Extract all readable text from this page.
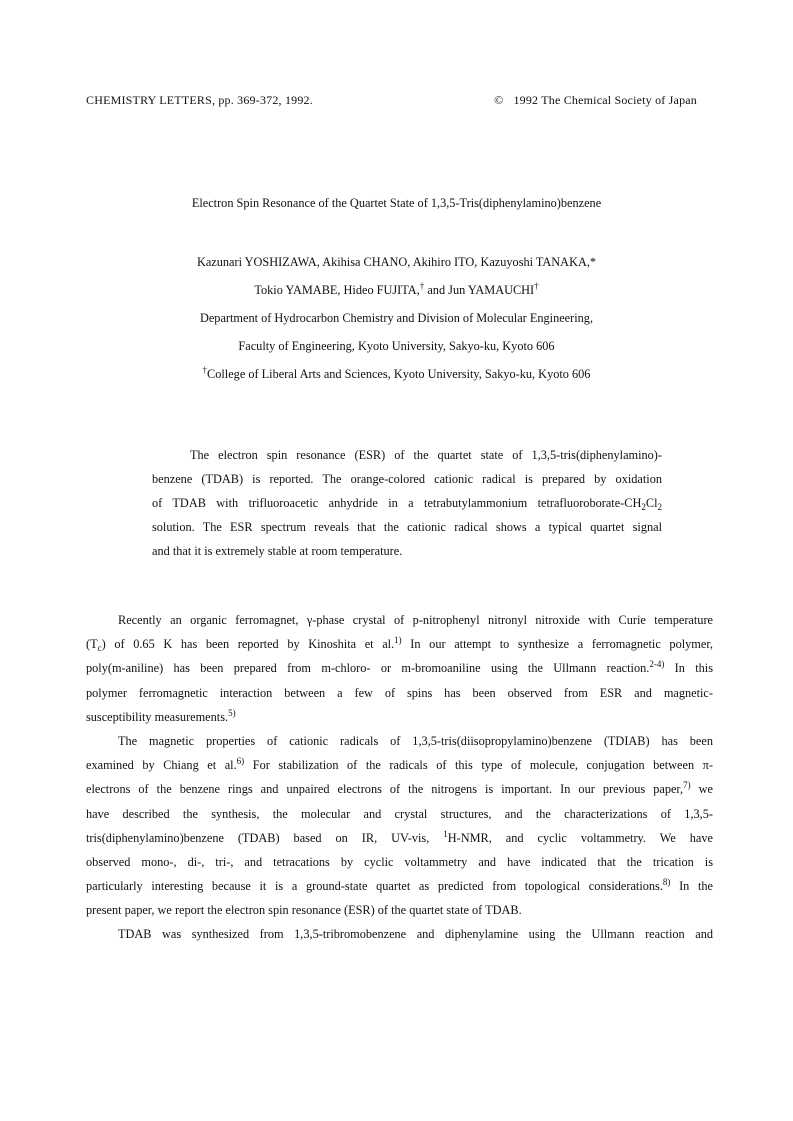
CHEMISTRY LETTERS, pp. 369-372, 1992.	© 1992 The Chemical Society of Japan
Electron Spin Resonance of the Quartet State of 1,3,5-Tris(diphenylamino)benzene
Kazunari YOSHIZAWA, Akihisa CHANO, Akihiro ITO, Kazuyoshi TANAKA,*
Tokio YAMABE, Hideo FUJITA,† and Jun YAMAUCHI†
Department of Hydrocarbon Chemistry and Division of Molecular Engineering,
Faculty of Engineering, Kyoto University, Sakyo-ku, Kyoto 606
†College of Liberal Arts and Sciences, Kyoto University, Sakyo-ku, Kyoto 606
The electron spin resonance (ESR) of the quartet state of 1,3,5-tris(diphenylamino)-
benzene (TDAB) is reported. The orange-colored cationic radical is prepared by oxidation
of TDAB with trifluoroacetic anhydride in a tetrabutylammonium tetrafluoroborate-$CH_2Cl_2$
solution. The ESR spectrum reveals that the cationic radical shows a typical quartet signal
and that it is extremely stable at room temperature.
Recently an organic ferromagnet, γ-phase crystal of p-nitrophenyl nitronyl nitroxide with Curie temperature
$(T_c)$ of 0.65 K has been reported by Kinoshita et al.$^{1)}$ In our attempt to synthesize a ferromagnetic polymer,
poly(m-aniline) has been prepared from m-chloro- or m-bromoaniline using the Ullmann reaction.$^{2-4)}$ In this
polymer ferromagnetic interaction between a few of spins has been observed from ESR and magnetic-
susceptibility measurements.$^{5)}$
The magnetic properties of cationic radicals of 1,3,5-tris(diisopropylamino)benzene (TDIAB) has been
examined by Chiang et al.$^{6)}$ For stabilization of the radicals of this type of molecule, conjugation between π-
electrons of the benzene rings and unpaired electrons of the nitrogens is important. In our previous paper,$^{7)}$ we
have described the synthesis, the molecular and crystal structures, and the characterizations of 1,3,5-
tris(diphenylamino)benzene (TDAB) based on IR, UV-vis, $^1$H-NMR, and cyclic voltammetry. We have
observed mono-, di-, tri-, and tetracations by cyclic voltammetry and have indicated that the trication is
particularly interesting because it is a ground-state quartet as predicted from topological considerations.$^{8)}$ In the
present paper, we report the electron spin resonance (ESR) of the quartet state of TDAB.
TDAB was synthesized from 1,3,5-tribromobenzene and diphenylamine using the Ullmann reaction and
